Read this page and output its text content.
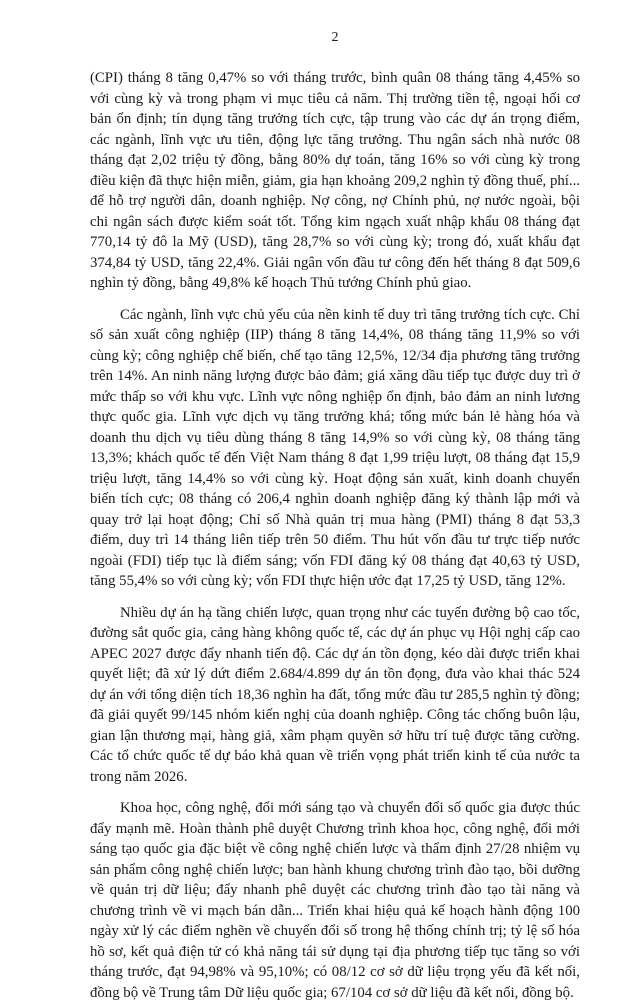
2

(CPI) tháng 8 tăng 0,47% so với tháng trước, bình quân 08 tháng tăng 4,45% so với cùng kỳ và trong phạm vi mục tiêu cả năm. Thị trường tiền tệ, ngoại hối cơ bản ổn định; tín dụng tăng trưởng tích cực, tập trung vào các dự án trọng điểm, các ngành, lĩnh vực ưu tiên, động lực tăng trưởng. Thu ngân sách nhà nước 08 tháng đạt 2,02 triệu tỷ đồng, bằng 80% dự toán, tăng 16% so với cùng kỳ trong điều kiện đã thực hiện miễn, giảm, gia hạn khoảng 209,2 nghìn tỷ đồng thuế, phí... để hỗ trợ người dân, doanh nghiệp. Nợ công, nợ Chính phủ, nợ nước ngoài, bội chi ngân sách được kiểm soát tốt. Tổng kim ngạch xuất nhập khẩu 08 tháng đạt 770,14 tỷ đô la Mỹ (USD), tăng 28,7% so với cùng kỳ; trong đó, xuất khẩu đạt 374,84 tỷ USD, tăng 22,4%. Giải ngân vốn đầu tư công đến hết tháng 8 đạt 509,6 nghìn tỷ đồng, bằng 49,8% kế hoạch Thủ tướng Chính phủ giao.

Các ngành, lĩnh vực chủ yếu của nền kinh tế duy trì tăng trưởng tích cực. Chỉ số sản xuất công nghiệp (IIP) tháng 8 tăng 14,4%, 08 tháng tăng 11,9% so với cùng kỳ; công nghiệp chế biến, chế tạo tăng 12,5%, 12/34 địa phương tăng trưởng trên 14%. An ninh năng lượng được bảo đảm; giá xăng dầu tiếp tục được duy trì ở mức thấp so với khu vực. Lĩnh vực nông nghiệp ổn định, bảo đảm an ninh lương thực quốc gia. Lĩnh vực dịch vụ tăng trưởng khá; tổng mức bán lẻ hàng hóa và doanh thu dịch vụ tiêu dùng tháng 8 tăng 14,9% so với cùng kỳ, 08 tháng tăng 13,3%; khách quốc tế đến Việt Nam tháng 8 đạt 1,99 triệu lượt, 08 tháng đạt 15,9 triệu lượt, tăng 14,4% so với cùng kỳ. Hoạt động sản xuất, kinh doanh chuyển biến tích cực; 08 tháng có 206,4 nghìn doanh nghiệp đăng ký thành lập mới và quay trở lại hoạt động; Chỉ số Nhà quản trị mua hàng (PMI) tháng 8 đạt 53,3 điểm, duy trì 14 tháng liên tiếp trên 50 điểm. Thu hút vốn đầu tư trực tiếp nước ngoài (FDI) tiếp tục là điểm sáng; vốn FDI đăng ký 08 tháng đạt 40,63 tỷ USD, tăng 55,4% so với cùng kỳ; vốn FDI thực hiện ước đạt 17,25 tỷ USD, tăng 12%.

Nhiều dự án hạ tầng chiến lược, quan trọng như các tuyến đường bộ cao tốc, đường sắt quốc gia, cảng hàng không quốc tế, các dự án phục vụ Hội nghị cấp cao APEC 2027 được đẩy nhanh tiến độ. Các dự án tồn đọng, kéo dài được triển khai quyết liệt; đã xử lý dứt điểm 2.684/4.899 dự án tồn đọng, đưa vào khai thác 524 dự án với tổng diện tích 18,36 nghìn ha đất, tổng mức đầu tư 285,5 nghìn tỷ đồng; đã giải quyết 99/145 nhóm kiến nghị của doanh nghiệp. Công tác chống buôn lậu, gian lận thương mại, hàng giả, xâm phạm quyền sở hữu trí tuệ được tăng cường. Các tổ chức quốc tế dự báo khả quan về triển vọng phát triển kinh tế của nước ta trong năm 2026.

Khoa học, công nghệ, đổi mới sáng tạo và chuyển đổi số quốc gia được thúc đẩy mạnh mẽ. Hoàn thành phê duyệt Chương trình khoa học, công nghệ, đổi mới sáng tạo quốc gia đặc biệt về công nghệ chiến lược và thẩm định 27/28 nhiệm vụ sản phẩm công nghệ chiến lược; ban hành khung chương trình đào tạo, bồi dưỡng về quản trị dữ liệu; đẩy nhanh phê duyệt các chương trình đào tạo tài năng và chương trình về vi mạch bán dẫn... Triển khai hiệu quả kế hoạch hành động 100 ngày xử lý các điểm nghẽn về chuyển đổi số trong hệ thống chính trị; tỷ lệ số hóa hồ sơ, kết quả điện tử có khả năng tái sử dụng tại địa phương tiếp tục tăng so với tháng trước, đạt 94,98% và 95,10%; có 08/12 cơ sở dữ liệu trọng yếu đã kết nối, đồng bộ về Trung tâm Dữ liệu quốc gia; 67/104 cơ sở dữ liệu đã kết nối, đồng bộ.
